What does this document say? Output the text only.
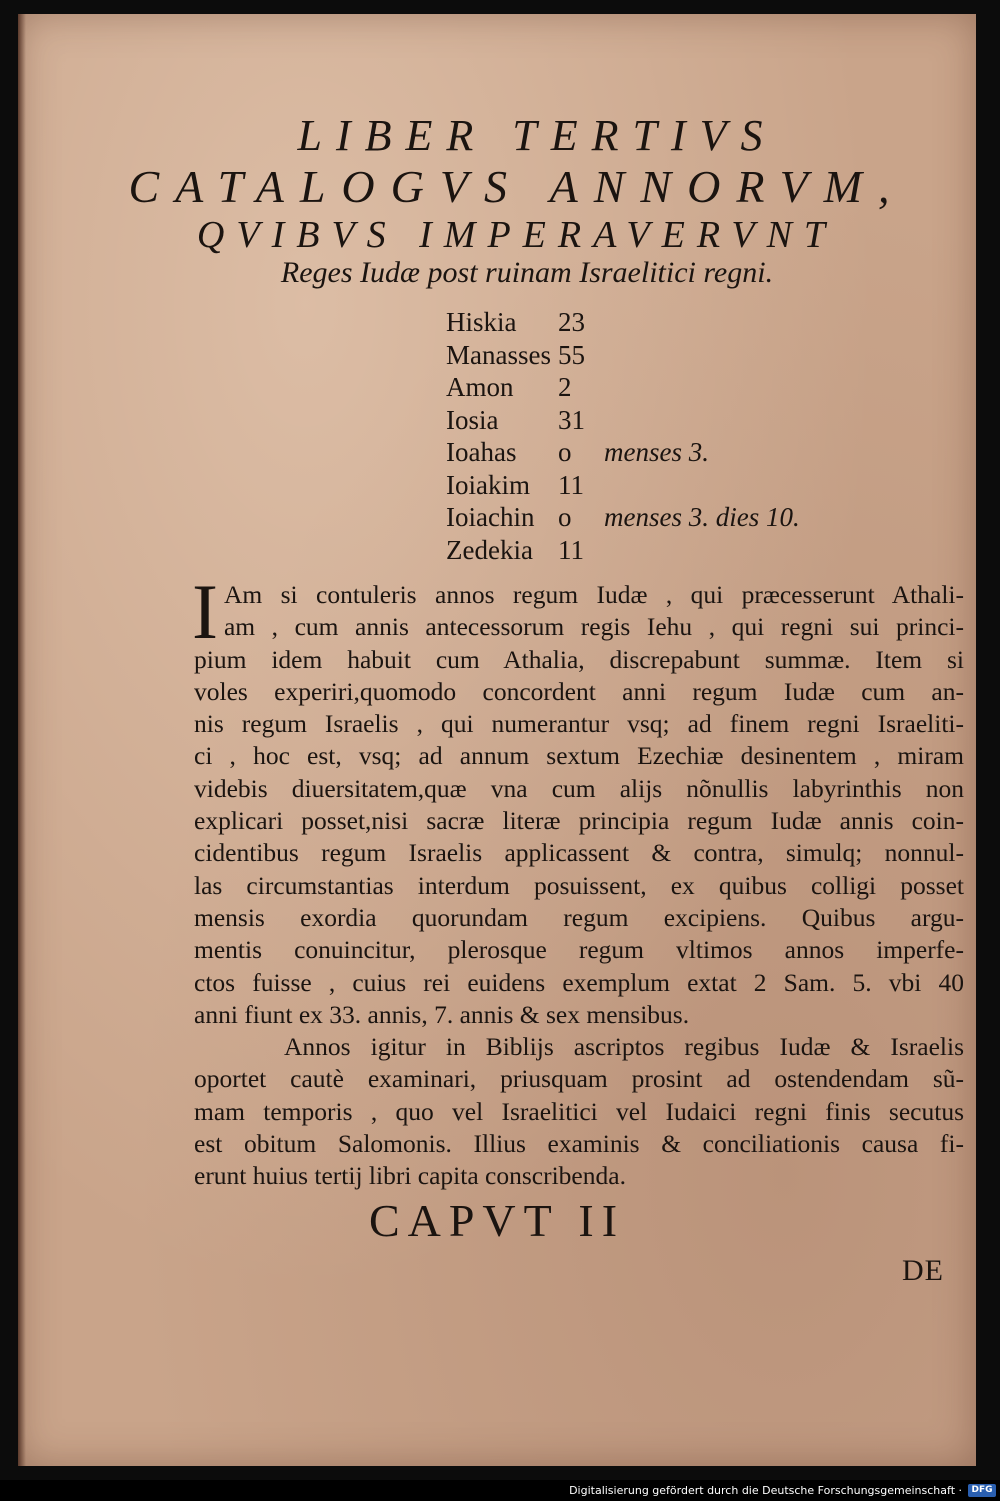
LIBER TERTIVS
CATALOGVS ANNORVM,
QVIBVS IMPERAVERVNT
Reges Iudæ post ruinam Israelitici regni.
Hiskia	23
Manasses 55
Amon	2
Iosia	31
Ioahas	o	menses 3.
Ioiakim	11
Ioiachin o	menses 3. dies 10.
Zedekia 11
I Am si contuleris annos regum Iudæ , qui præcesserunt Athali-
am , cum annis antecessorum regis Iehu , qui regni sui princi-
pium idem habuit cum Athalia, discrepabunt summæ. Item si
voles experiri,quomodo concordent anni regum Iudæ cum an-
nis regum Israelis , qui numerantur vsq; ad finem regni Israeliti-
ci , hoc est, vsq; ad annum sextum Ezechiæ desinentem , miram
videbis diuersitatem,quæ vna cum alijs nõnullis labyrinthis non
explicari posset,nisi sacræ literæ principia regum Iudæ annis coin-
cidentibus regum Israelis applicassent & contra, simulq; nonnul-
las circumstantias interdum posuissent, ex quibus colligi posset
mensis exordia quorundam regum excipiens. Quibus argu-
mentis conuincitur, plerosque regum vltimos annos imperfe-
ctos fuisse , cuius rei euidens exemplum extat 2 Sam. 5. vbi 40
anni fiunt ex 33. annis, 7. annis & sex mensibus.
Annos igitur in Biblijs ascriptos regibus Iudæ & Israelis
oportet cautè examinari, priusquam prosint ad ostendendam sũ-
mam temporis , quo vel Israelitici vel Iudaici regni finis secutus
est obitum Salomonis. Illius examinis & conciliationis causa fi-
erunt huius tertij libri capita conscribenda.
CAPVT II
DE
Digitalisierung gefördert durch die Deutsche Forschungsgemeinschaft ·	DFG
